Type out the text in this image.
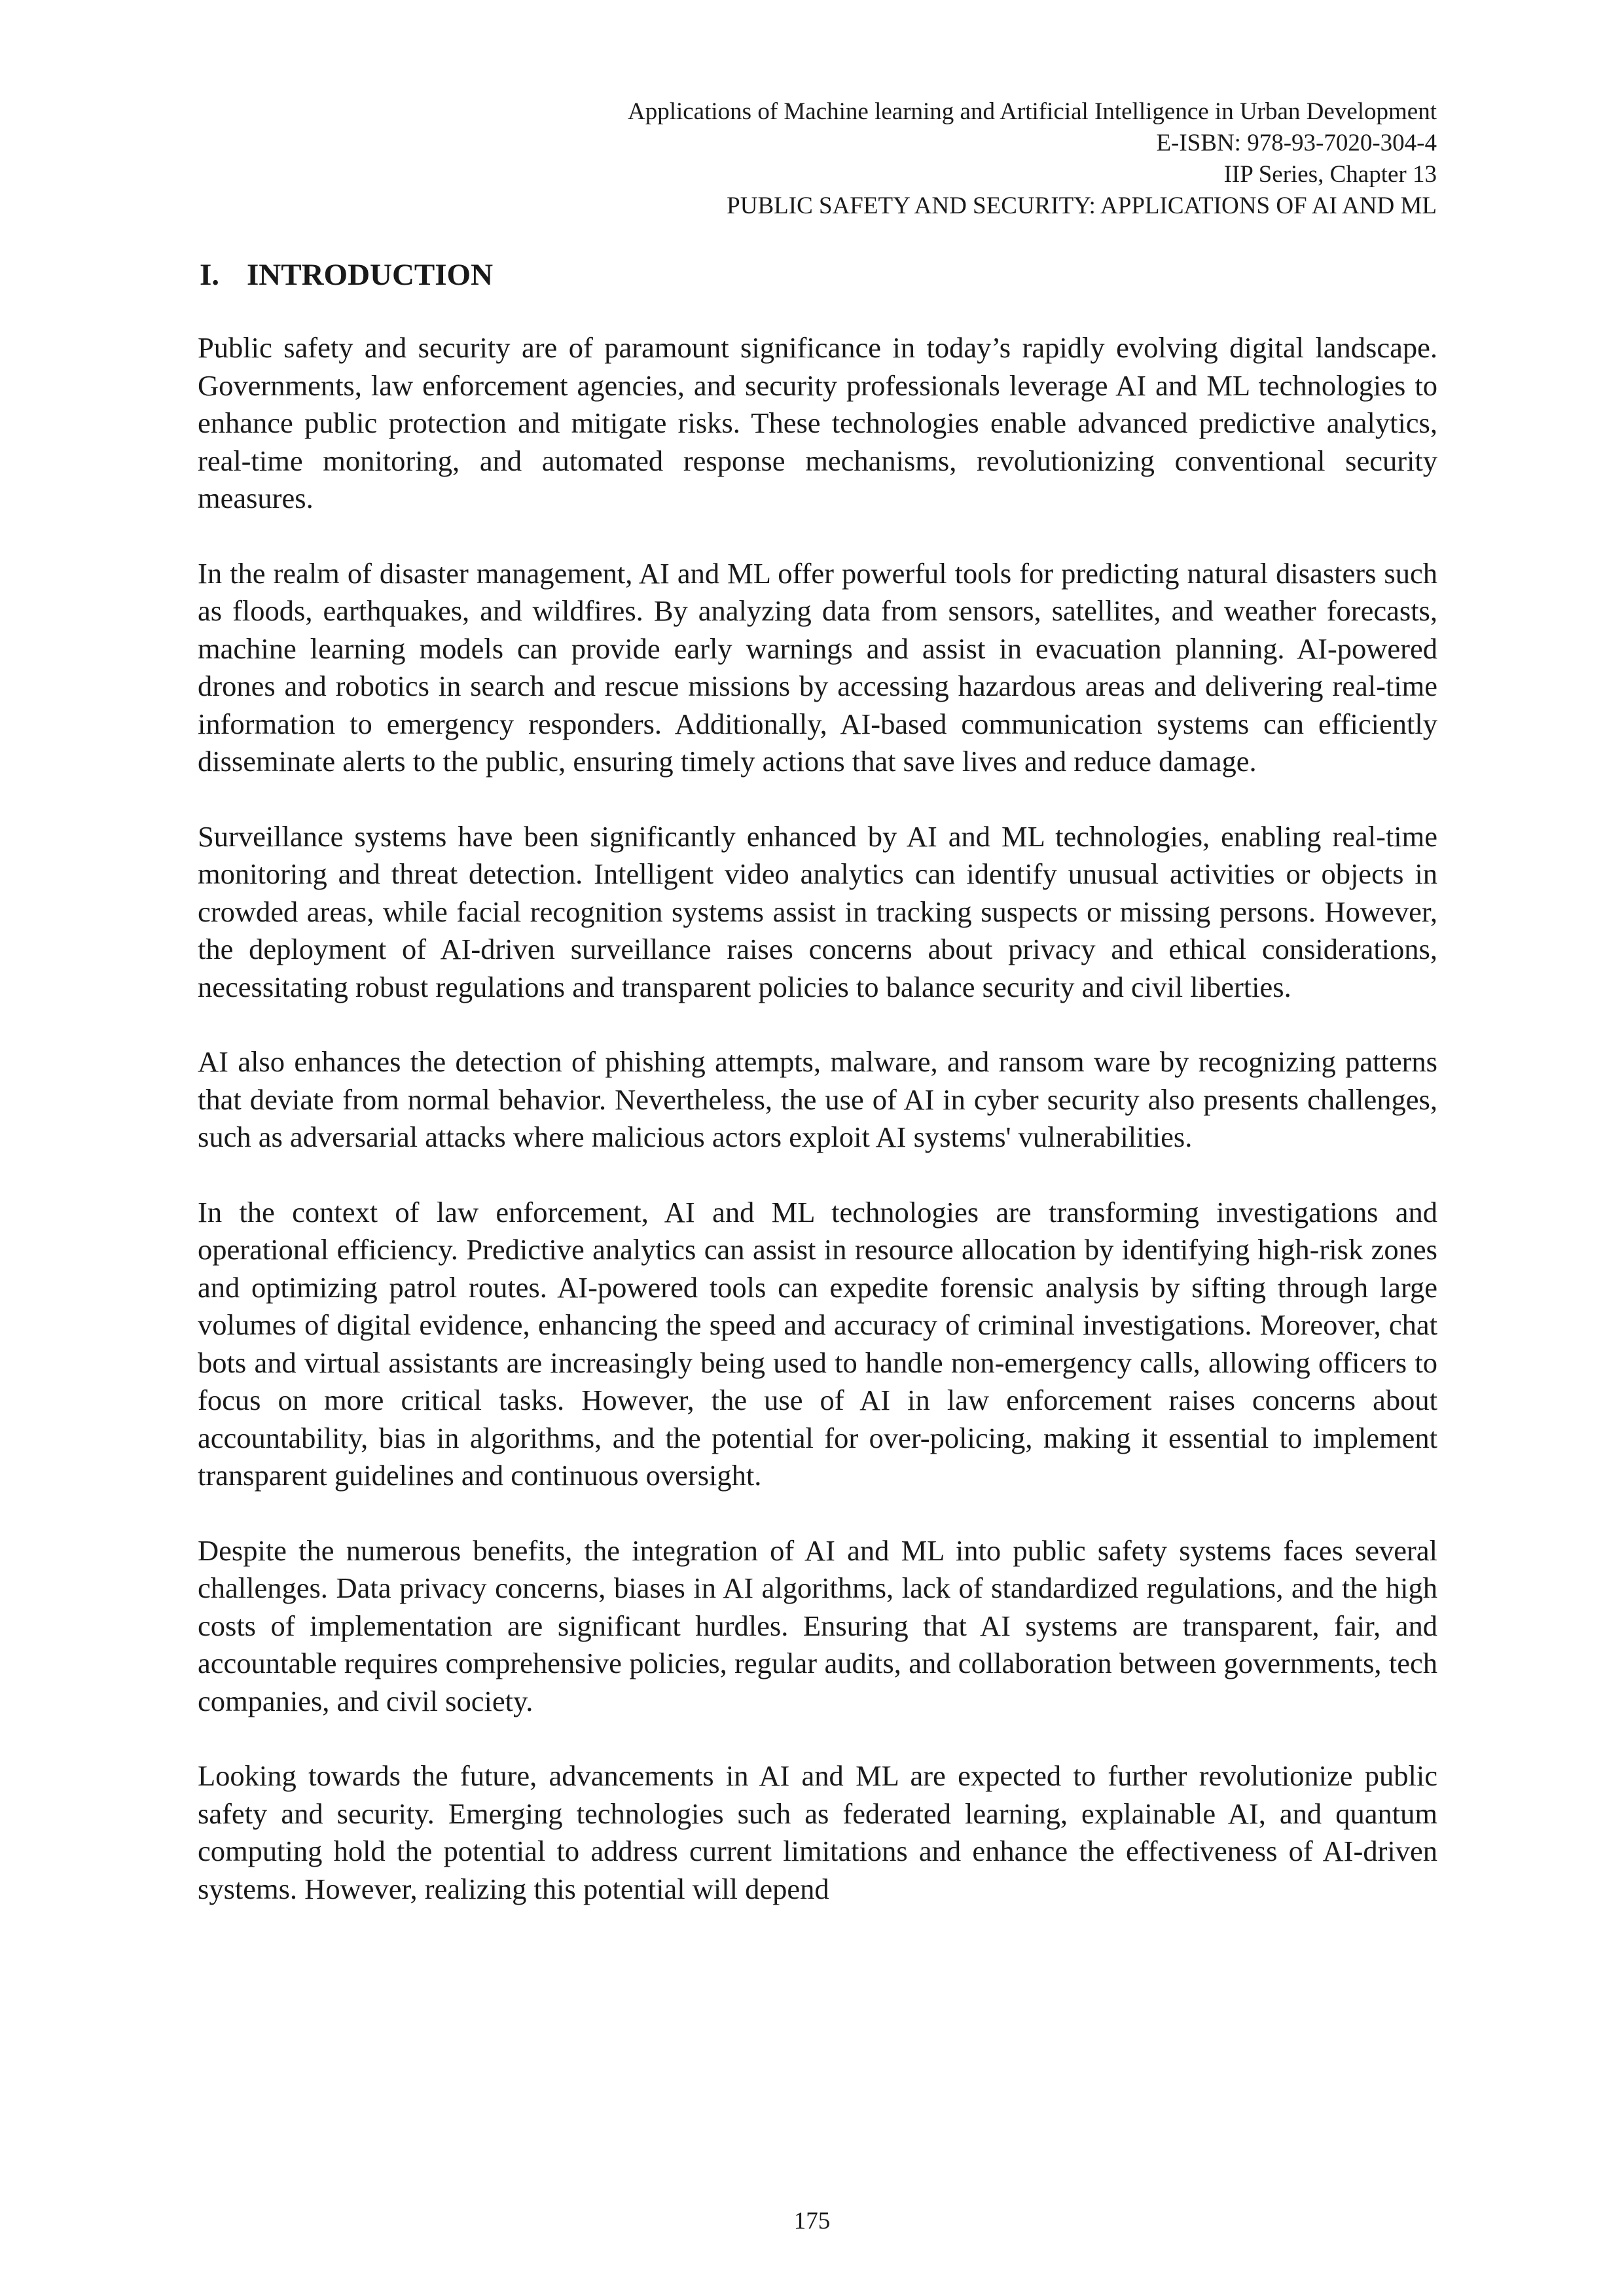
Applications of Machine learning and Artificial Intelligence in Urban Development
E-ISBN: 978-93-7020-304-4
IIP Series, Chapter 13
PUBLIC SAFETY AND SECURITY: APPLICATIONS OF AI AND ML
I. INTRODUCTION

Public safety and security are of paramount significance in today’s rapidly evolving digital landscape. Governments, law enforcement agencies, and security professionals leverage AI and ML technologies to enhance public protection and mitigate risks. These technologies enable advanced predictive analytics, real-time monitoring, and automated response mechanisms, revolutionizing conventional security measures.

In the realm of disaster management, AI and ML offer powerful tools for predicting natural disasters such as floods, earthquakes, and wildfires. By analyzing data from sensors, satellites, and weather forecasts, machine learning models can provide early warnings and assist in evacuation planning. AI-powered drones and robotics in search and rescue missions by accessing hazardous areas and delivering real-time information to emergency responders. Additionally, AI-based communication systems can efficiently disseminate alerts to the public, ensuring timely actions that save lives and reduce damage.

Surveillance systems have been significantly enhanced by AI and ML technologies, enabling real-time monitoring and threat detection. Intelligent video analytics can identify unusual activities or objects in crowded areas, while facial recognition systems assist in tracking suspects or missing persons. However, the deployment of AI-driven surveillance raises concerns about privacy and ethical considerations, necessitating robust regulations and transparent policies to balance security and civil liberties.

AI also enhances the detection of phishing attempts, malware, and ransom ware by recognizing patterns that deviate from normal behavior. Nevertheless, the use of AI in cyber security also presents challenges, such as adversarial attacks where malicious actors exploit AI systems' vulnerabilities.

In the context of law enforcement, AI and ML technologies are transforming investigations and operational efficiency. Predictive analytics can assist in resource allocation by identifying high-risk zones and optimizing patrol routes. AI-powered tools can expedite forensic analysis by sifting through large volumes of digital evidence, enhancing the speed and accuracy of criminal investigations. Moreover, chat bots and virtual assistants are increasingly being used to handle non-emergency calls, allowing officers to focus on more critical tasks. However, the use of AI in law enforcement raises concerns about accountability, bias in algorithms, and the potential for over-policing, making it essential to implement transparent guidelines and continuous oversight.

Despite the numerous benefits, the integration of AI and ML into public safety systems faces several challenges. Data privacy concerns, biases in AI algorithms, lack of standardized regulations, and the high costs of implementation are significant hurdles. Ensuring that AI systems are transparent, fair, and accountable requires comprehensive policies, regular audits, and collaboration between governments, tech companies, and civil society.

Looking towards the future, advancements in AI and ML are expected to further revolutionize public safety and security. Emerging technologies such as federated learning, explainable AI, and quantum computing hold the potential to address current limitations and enhance the effectiveness of AI-driven systems. However, realizing this potential will depend

175
